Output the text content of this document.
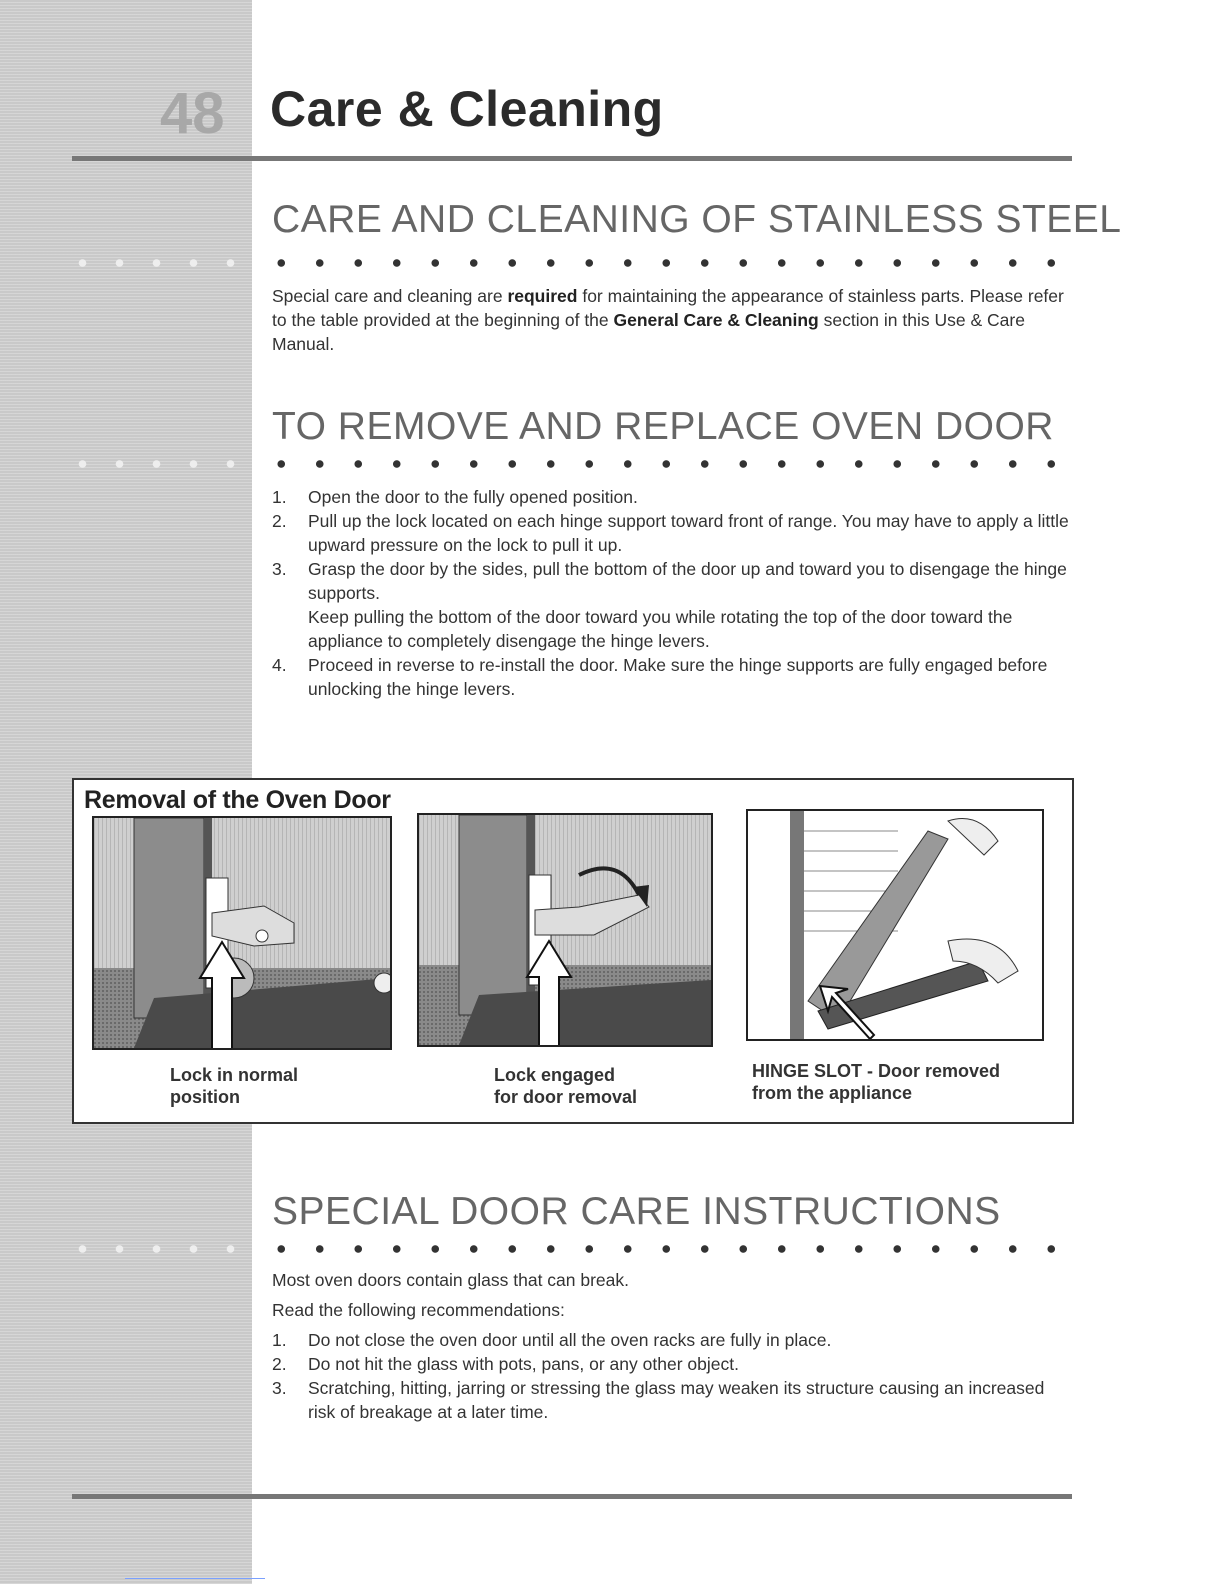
48 Care & Cleaning
CARE AND CLEANING OF STAINLESS STEEL
Special care and cleaning are required for maintaining the appearance of stainless parts. Please refer to the table provided at the beginning of the General Care & Cleaning section in this Use & Care Manual.
TO REMOVE AND REPLACE OVEN DOOR
1. Open the door to the fully opened position.
2. Pull up the lock located on each hinge support toward front of range. You may have to apply a little upward pressure on the lock to pull it up.
3. Grasp the door by the sides, pull the bottom of the door up and toward you to disengage the hinge supports.
Keep pulling the bottom of the door toward you while rotating the top of the door toward the appliance to completely disengage the hinge levers.
4. Proceed in reverse to re-install the door. Make sure the hinge supports are fully engaged before unlocking the hinge levers.
Removal of the Oven Door
Lock in normal
position
Lock engaged
for door removal
HINGE SLOT - Door removed
from the appliance
SPECIAL DOOR CARE INSTRUCTIONS
Most oven doors contain glass that can break.
Read the following recommendations:
1. Do not close the oven door until all the oven racks are fully in place.
2. Do not hit the glass with pots, pans, or any other object.
3. Scratching, hitting, jarring or stressing the glass may weaken its structure causing an increased risk of breakage at a later time.
